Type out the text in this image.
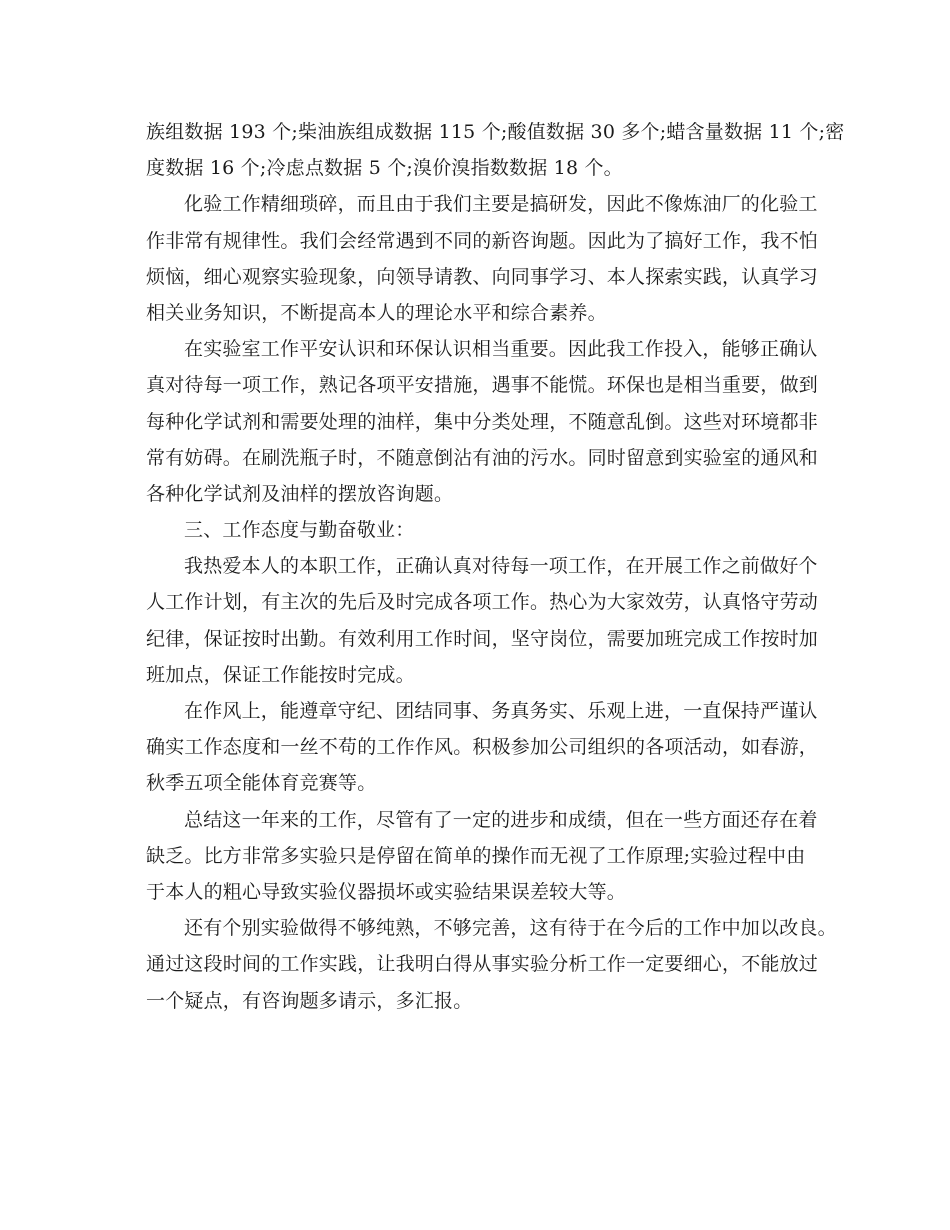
族组数据 193 个;柴油族组成数据 115 个;酸值数据 30 多个;蜡含量数据 11 个;密
度数据 16 个;冷虑点数据 5 个;溴价溴指数数据 18 个。
化验工作精细琐碎，而且由于我们主要是搞研发，因此不像炼油厂的化验工
作非常有规律性。我们会经常遇到不同的新咨询题。因此为了搞好工作，我不怕
烦恼，细心观察实验现象，向领导请教、向同事学习、本人探索实践，认真学习
相关业务知识，不断提高本人的理论水平和综合素养。
在实验室工作平安认识和环保认识相当重要。因此我工作投入，能够正确认
真对待每一项工作，熟记各项平安措施，遇事不能慌。环保也是相当重要，做到
每种化学试剂和需要处理的油样，集中分类处理，不随意乱倒。这些对环境都非
常有妨碍。在刷洗瓶子时，不随意倒沾有油的污水。同时留意到实验室的通风和
各种化学试剂及油样的摆放咨询题。
三、工作态度与勤奋敬业：
我热爱本人的本职工作，正确认真对待每一项工作，在开展工作之前做好个
人工作计划，有主次的先后及时完成各项工作。热心为大家效劳，认真恪守劳动
纪律，保证按时出勤。有效利用工作时间，坚守岗位，需要加班完成工作按时加
班加点，保证工作能按时完成。
在作风上，能遵章守纪、团结同事、务真务实、乐观上进，一直保持严谨认
确实工作态度和一丝不苟的工作作风。积极参加公司组织的各项活动，如春游，
秋季五项全能体育竞赛等。
总结这一年来的工作，尽管有了一定的进步和成绩，但在一些方面还存在着
缺乏。比方非常多实验只是停留在简单的操作而无视了工作原理;实验过程中由
于本人的粗心导致实验仪器损坏或实验结果误差较大等。
还有个别实验做得不够纯熟，不够完善，这有待于在今后的工作中加以改良。
通过这段时间的工作实践，让我明白得从事实验分析工作一定要细心，不能放过
一个疑点，有咨询题多请示，多汇报。
